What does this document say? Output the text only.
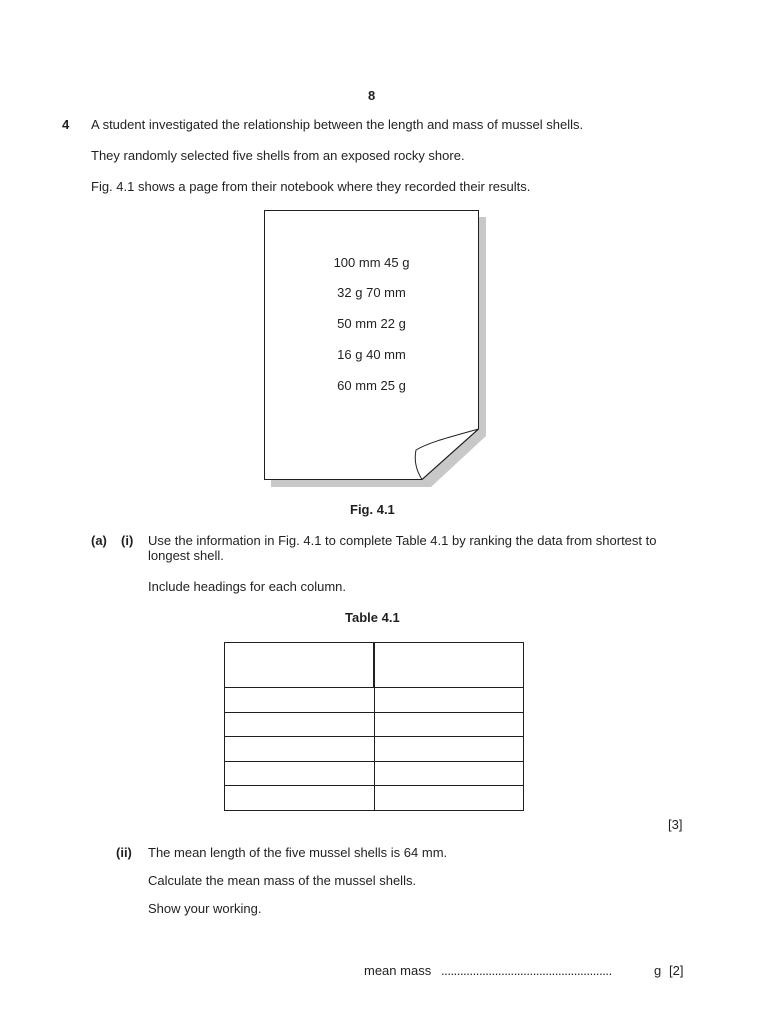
8
4 A student investigated the relationship between the length and mass of mussel shells.
They randomly selected five shells from an exposed rocky shore.
Fig. 4.1 shows a page from their notebook where they recorded their results.
100 mm 45 g
32 g 70 mm
50 mm 22 g
16 g 40 mm
60 mm 25 g
Fig. 4.1
(a) (i) Use the information in Fig. 4.1 to complete Table 4.1 by ranking the data from shortest to
longest shell.
Include headings for each column.
Table 4.1

[3]
(ii) The mean length of the five mussel shells is 64 mm.
Calculate the mean mass of the mussel shells.
Show your working.
mean mass ......................................................	g [2]
